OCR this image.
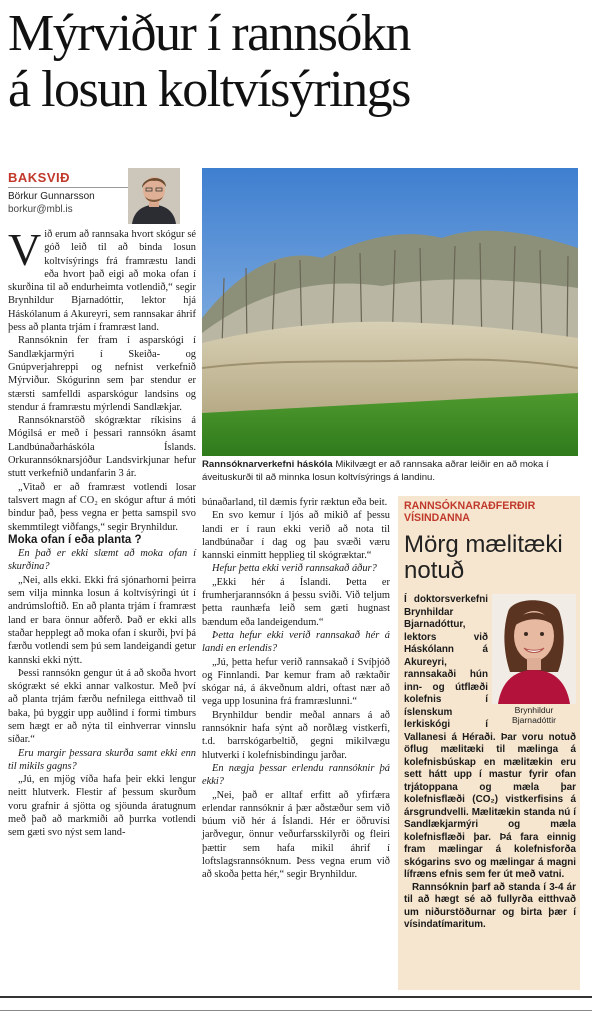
Mýrviður í rannsókn
á losun koltvísýrings
BAKSVIÐ
Börkur Gunnarsson
borkur@mbl.is

Við erum að rannsaka hvort skógur sé góð leið til að binda losun koltvísýrings frá framræstu landi eða hvort það eigi að moka ofan í skurðina til að endurheimta votlendið,“ segir Brynhildur Bjarnadóttir, lektor hjá Háskólanum á Akureyri, sem rannsakar áhrif þess að planta trjám í framræst land.

Rannsóknin fer fram í asparskógi í Sandlækjarmýri í Skeiða- og Gnúpverjahreppi og nefnist verkefnið Mýrviður. Skógurinn sem þar stendur er stærsti samfelldi asparskógur landsins og stendur á framræstu mýrlendi Sandlækjar.

Rannsóknarstöð skógræktar ríkisins á Mógilsá er með í þessari rannsókn ásamt Landbúnaðarháskóla Íslands. Orkurannsóknarsjóður Landsvirkjunar hefur stutt verkefnið undanfarin 3 ár.

„Vitað er að framræst votlendi losar talsvert magn af CO₂ en skógur aftur á móti bindur það, þess vegna er þetta samspil svo skemmtilegt viðfangs,“ segir Brynhildur.

Moka ofan í eða planta ?

En það er ekki slæmt að moka ofan í skurðina?

„Nei, alls ekki. Ekki frá sjónarhorni þeirra sem vilja minnka losun á koltvísýringi út í andrúmsloftið. En að planta trjám í framræst land er bara önnur aðferð. Það er ekki alls staðar hepplegt að moka ofan í skurði, því þá færðu votlendi sem þú sem landeigandi getur kannski ekki nýtt.

Þessi rannsókn gengur út á að skoða hvort skógrækt sé ekki annar valkostur. Með því að planta trjám færðu nefnilega eitthvað til baka, þú byggir upp auðlind í formi timburs sem hægt er að nýta til einhverrar vinnslu síðar.“

Eru margir þessara skurða samt ekki enn til mikils gagns?

„Jú, en mjög víða hafa þeir ekki lengur neitt hlutverk. Flestir af þessum skurðum voru grafnir á sjötta og sjöunda áratugnum með það að markmiði að þurrka votlendi sem gæti svo nýst sem land-

Rannsóknarverkefni háskóla Mikilvægt er að rannsaka aðrar leiðir en að moka í áveituskurði til að minnka losun koltvísýrings á landinu.

búnaðarland, til dæmis fyrir ræktun eða beit.

En svo kemur í ljós að mikið af þessu landi er í raun ekki verið að nota til landbúnaðar í dag og þau svæði væru kannski einmitt hepplieg til skógræktar.“

Hefur þetta ekki verið rannsakað áður?

„Ekki hér á Íslandi. Þetta er frumherjarannsókn á þessu sviði. Við teljum þetta raunhæfa leið sem gæti hugnast bændum eða landeigendum.“

Þetta hefur ekki verið rannsakað hér á landi en erlendis?

„Jú, þetta hefur verið rannsakað í Svíþjóð og Finnlandi. Þar kemur fram að ræktaðir skógar ná, á ákveðnum aldri, oftast nær að vega upp losunina frá framræslunni.“

Brynhildur bendir meðal annars á að rannsóknir hafa sýnt að norðlæg vistkerfi, t.d. barrskógarbeltið, gegni mikilvægu hlutverki í kolefnisbindingu jarðar.

En nægja þessar erlendu rannsóknir þá ekki?

„Nei, það er alltaf erfitt að yfirfæra erlendar rannsóknir á þær aðstæður sem við búum við hér á Íslandi. Hér er öðruvísi jarðvegur, önnur veðurfarsskilyrði og fleiri þættir sem hafa mikil áhrif í loftslagsrannsóknum. Þess vegna erum við að skoða þetta hér,“ segir Brynhildur.

RANNSÓKNARAÐFERÐIR
VÍSINDANNA
Mörg mælitæki notuð
Brynhildur
Bjarnadóttir

Í doktorsverkefni Brynhildar Bjarnadóttur, lektors við Háskólann á Akureyri, rannsakaði hún inn- og útflæði kolefnis í íslenskum lerkiskógi í Vallanesi á Héraði. Þar voru notuð öflug mælitæki til mælinga á kolefnisbúskap en mælitækin eru sett hátt upp í mastur fyrir ofan trjátoppana og mæla þar kolefnisflæði (CO₂) vistkerfisins á ársgrundvelli. Mælitækin standa nú í Sandlækjarmýri og mæla kolefnisflæði þar. Þá fara einnig fram mælingar á kolefnisforða skógarins svo og mælingar á magni lífræns efnis sem fer út með vatni.

Rannsóknin þarf að standa í 3-4 ár til að hægt sé að fullyrða eitthvað um niðurstöðurnar og birta þær í vísindatímaritum.
